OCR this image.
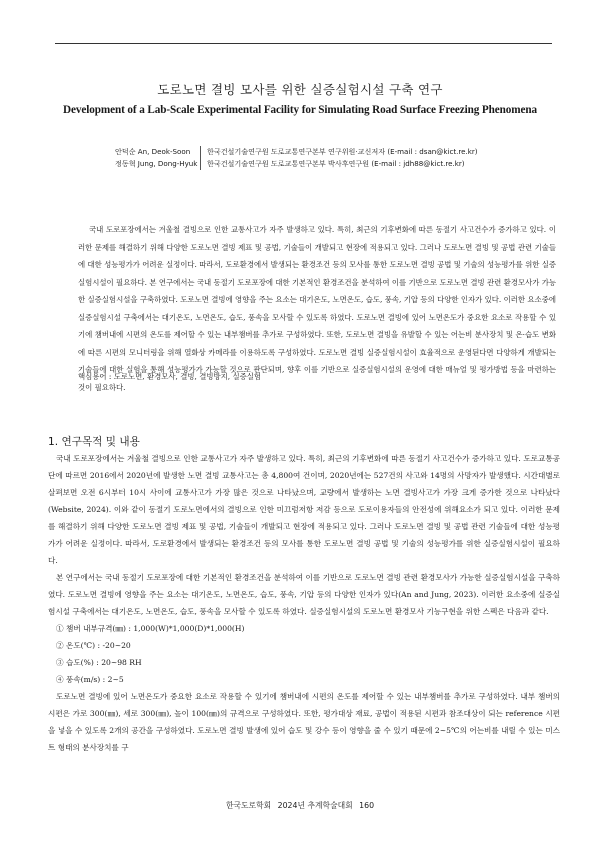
도로노면 결빙 모사를 위한 실증실험시설 구축 연구
Development of a Lab-Scale Experimental Facility for Simulating Road Surface Freezing Phenomena
안덕순 An, Deok-Soon	한국건설기술연구원 도로교통연구본부 연구위원·교신저자 (E-mail : dsan@kict.re.kr)
정동혁 Jung, Dong-Hyuk	한국건설기술연구원 도로교통연구본부 박사후연구원 (E-mail : jdh88@kict.re.kr)

국내 도로포장에서는 겨울철 결빙으로 인한 교통사고가 자주 발생하고 있다. 특히, 최근의 기후변화에 따른 동절기 사고건수가 증가하고 있다. 이러한 문제를 해결하기 위해 다양한 도로노면 결빙 제표 및 공법, 기술들이 개발되고 현장에 적용되고 있다. 그러나 도로노면 결빙 및 공법 관련 기술들에 대한 성능평가가 어려운 실정이다. 따라서, 도로환경에서 발생되는 환경조건 등의 모사를 통한 도로노면 결빙 공법 및 기술의 성능평가를 위한 실증실험시설이 필요하다. 본 연구에서는 국내 동절기 도로포장에 대한 기본적인 환경조건을 분석하여 이를 기반으로 도로노면 결빙 관련 환경모사가 가능한 실증실험시설을 구축하였다. 도로노면 결빙에 영향을 주는 요소는 대기온도, 노면온도, 습도, 풍속, 기압 등의 다양한 인자가 있다. 이러한 요소중에 실증실험시설 구축에서는 대기온도, 노면온도, 습도, 풍속을 모사할 수 있도록 하였다. 도로노면 결빙에 있어 노면온도가 중요한 요소로 작용할 수 있기에 챔버내에 시편의 온도를 제어할 수 있는 내부챔버를 추가로 구성하였다. 또한, 도로노면 결빙을 유발할 수 있는 어는비 분사장치 및 온·습도 변화에 따른 시편의 모니터링을 위해 열화상 카메라를 이용하도록 구성하였다. 도로노면 결빙 실증실험시설이 효율적으로 운영된다면 다양하게 개발되는 기술들에 대한 실험을 통해 성능평가가 가능할 것으로 판단되며, 향후 이를 기반으로 실증실험시설의 운영에 대한 매뉴얼 및 평가방법 등을 마련하는 것이 필요하다.

핵심용어 : 도로노면, 환경모사, 결빙, 결빙방지, 실증실험
1. 연구목적 및 내용

국내 도로포장에서는 겨울철 결빙으로 인한 교통사고가 자주 발생하고 있다. 특히, 최근의 기후변화에 따른 동절기 사고건수가 증가하고 있다. 도로교통공단에 따르면 2016에서 2020년에 발생한 노면 결빙 교통사고는 총 4,800여 건이며, 2020년에는 527건의 사고와 14명의 사망자가 발생했다. 시간대별로 살펴보면 오전 6시부터 10시 사이에 교통사고가 가장 많은 것으로 나타났으며, 교량에서 발생하는 노면 결빙사고가 가장 크게 증가한 것으로 나타났다(Website, 2024). 이와 같이 동절기 도로노면에서의 결빙으로 인한 미끄럼저항 저감 등으로 도로이용자들의 안전성에 위해요소가 되고 있다. 이러한 문제를 해결하기 위해 다양한 도로노면 결빙 제표 및 공법, 기술들이 개발되고 현장에 적용되고 있다. 그러나 도로노면 결빙 및 공법 관련 기술들에 대한 성능평가가 어려운 실정이다. 따라서, 도로환경에서 발생되는 환경조건 등의 모사를 통한 도로노면 결빙 공법 및 기술의 성능평가를 위한 실증실험시설이 필요하다.

본 연구에서는 국내 동절기 도로포장에 대한 기본적인 환경조건을 분석하여 이를 기반으로 도로노면 결빙 관련 환경모사가 가능한 실증실험시설을 구축하였다. 도로노면 결빙에 영향을 주는 요소는 대기온도, 노면온도, 습도, 풍속, 기압 등의 다양한 인자가 있다(An and Jung, 2023). 이러한 요소중에 실증실험시설 구축에서는 대기온도, 노면온도, 습도, 풍속을 모사할 수 있도록 하였다. 실증실험시설의 도로노면 환경모사 기능구현을 위한 스펙은 다음과 같다.

① 챔버 내부규격(㎜) : 1,000(W)*1,000(D)*1,000(H)
② 온도(℃) : -20~20
③ 습도(%) : 20~98 RH
④ 풍속(m/s) : 2~5

도로노면 결빙에 있어 노면온도가 중요한 요소로 작용할 수 있기에 챔버내에 시편의 온도를 제어할 수 있는 내부챔버를 추가로 구성하였다. 내부 챔버의 시편은 가로 300(㎜), 세로 300(㎜), 높이 100(㎜)의 규격으로 구성하였다. 또한, 평가대상 재료, 공법이 적용된 시편과 참조대상이 되는 reference 시편을 넣을 수 있도록 2개의 공간을 구성하였다. 도로노면 결빙 발생에 있어 습도 및 강수 등이 영향을 줄 수 있기 때문에 2~5℃의 어는비를 내릴 수 있는 미스트 형태의 분사장치를 구

한국도로학회 2024년 추계학술대회 160
